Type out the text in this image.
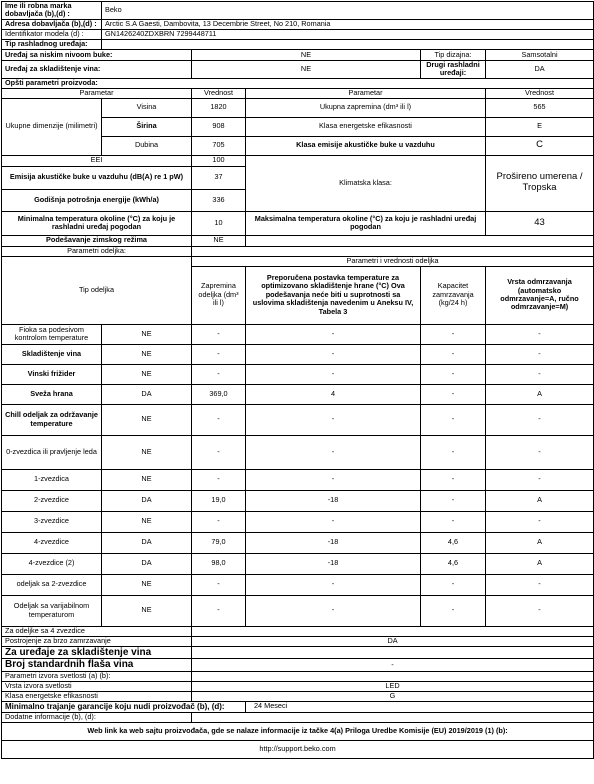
Ime ili robna marka dobavljača (b),(d) :	Beko				
Adresa dobavljača (b),(d) :	Arctic S.A Gaesti, Dambovita, 13 Decembrie Street, No 210, Romania				
Identifikator modela (d) :	GN1426240ZDXBRN 7299448711				
Tip rashladnog uređaja:					
Uređaj sa niskim nivoom buke:		NE		Tip dizajna:	Samsotalni
Uređaj za skladištenje vina:		NE		Drugi rashladni uređaji:	DA
Opšti parametri proizvoda:					
Parametar		Vrednost	Parametar		Vrednost
Ukupne dimenzije (milimetri)	Visina	1820	Ukupna zapremina (dm³ ili l)		565
	Širina	908	Klasa energetske efikasnosti		E
	Dubina	705	Klasa emisije akustičke buke u vazduhu		C
EEI		100	Klimatska klasa:		Prošireno umerena / Tropska
Emisija akustičke buke u vazduhu (dB(A) re 1 pW)		37			
Godišnja potrošnja energije (kWh/a)		336			
Minimalna temperatura okoline (°C) za koju je rashladni uređaj pogodan		10	Maksimalna temperatura okoline (°C) za koju je rashladni uređaj pogodan		43
Podešavanje zimskog režima		NE			
Parametri odeljka:					
Tip odeljka		Parametri i vrednosti odeljka			
		Zapremina odeljka (dm³ ili l)	Preporučena postavka temperature za optimizovano skladištenje hrane (°C) Ova podešavanja neće biti u suprotnosti sa uslovima skladištenja navedenim u Aneksu IV, Tabela 3	Kapacitet zamrzavanja (kg/24 h)	Vrsta odmrzavanja (automatsko odmrzavanje=A, ručno odmrzavanje=M)
Fioka sa podesivom kontrolom temperature	NE	-	-	-	-
Skladištenje vina	NE	-	-	-	-
Vinski frižider	NE	-	-	-	-
Sveža hrana	DA	369,0	4	-	A
Chill odeljak za održavanje temperature	NE	-	-	-	-
0-zvezdica ili pravljenje leda	NE	-	-	-	-
1-zvezdica	NE	-	-	-	-
2-zvezdice	DA	19,0	-18	-	A
3-zvezdice	NE	-	-	-	-
4-zvezdice	DA	79,0	-18	4,6	A
4-zvezdice (2)	DA	98,0	-18	4,6	A
odeljak sa 2-zvezdice	NE	-	-	-	-
Odeljak sa varijabilnom temperaturom	NE	-	-	-	-
Za odeljke sa 4 zvezdice					
Postrojenje za brzo zamrzavanje		DA			
Za uređaje za skladištenje vina					
Broj standardnih flaša vina		-			
Parametri izvora svetlosti (a) (b):					
Vrsta izvora svetlosti		LED			
Klasa energetske efikasnosti		G			
Minimalno trajanje garancije koju nudi proizvođač (b), (d):			24 Meseci		
Dodatne informacije (b), (d):					
Web link ka web sajtu proizvođača, gde se nalaze informacije iz tačke 4(a) Priloga Uredbe Komisije (EU) 2019/2019 (1) (b):					
http://support.beko.com					
